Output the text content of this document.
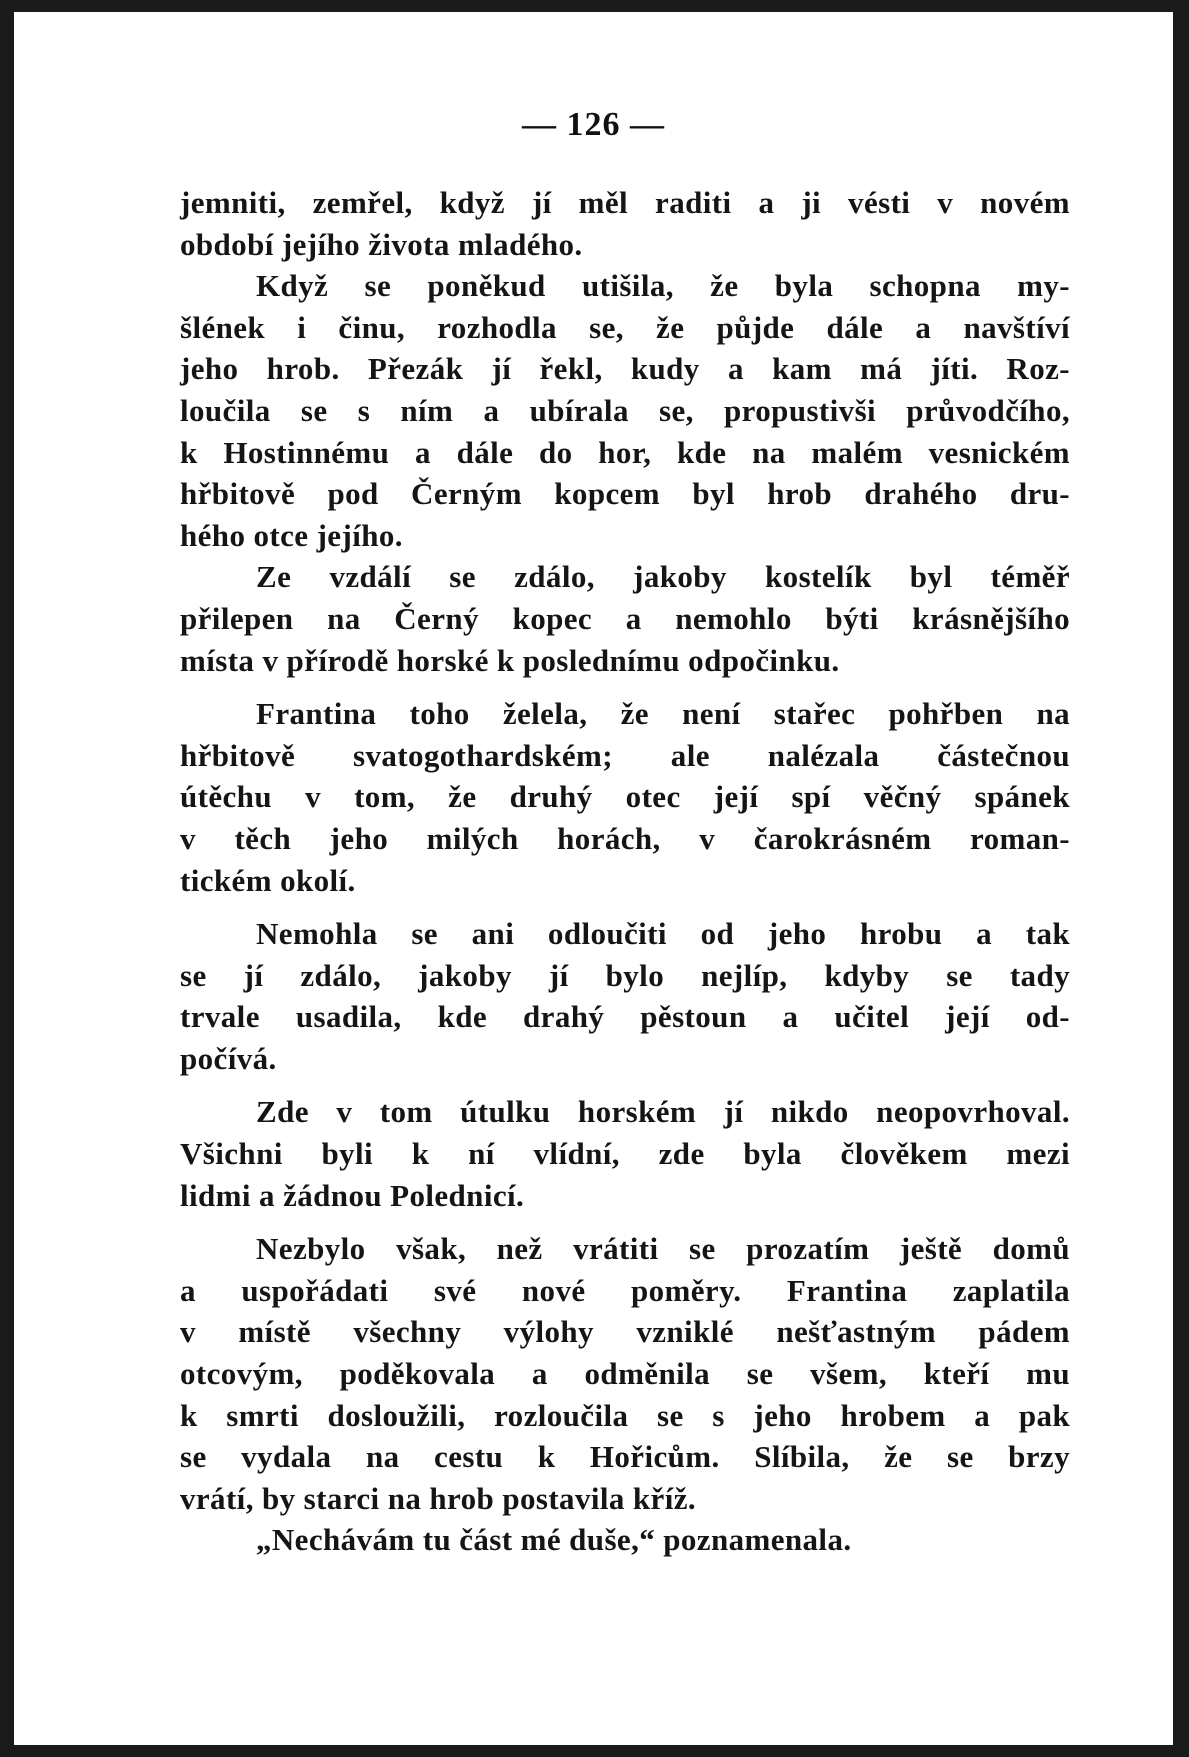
— 126 —
jemniti, zemřel, když jí měl raditi a ji vésti v novém
období jejího života mladého.
Když se poněkud utišila, že byla schopna my-
šlének i činu, rozhodla se, že půjde dále a navštíví
jeho hrob. Přezák jí řekl, kudy a kam má jíti. Roz-
loučila se s ním a ubírala se, propustivši průvodčího,
k Hostinnému a dále do hor, kde na malém vesnickém
hřbitově pod Černým kopcem byl hrob drahého dru-
hého otce jejího.
Ze vzdálí se zdálo, jakoby kostelík byl téměř
přilepen na Černý kopec a nemohlo býti krásnějšího
místa v přírodě horské k poslednímu odpočinku.
Frantina toho želela, že není stařec pohřben na
hřbitově svatogothardském; ale nalézala částečnou
útěchu v tom, že druhý otec její spí věčný spánek
v těch jeho milých horách, v čarokrásném roman-
tickém okolí.
Nemohla se ani odloučiti od jeho hrobu a tak
se jí zdálo, jakoby jí bylo nejlíp, kdyby se tady
trvale usadila, kde drahý pěstoun a učitel její od-
počívá.
Zde v tom útulku horském jí nikdo neopovrhoval.
Všichni byli k ní vlídní, zde byla člověkem mezi
lidmi a žádnou Polednicí.
Nezbylo však, než vrátiti se prozatím ještě domů
a uspořádati své nové poměry. Frantina zaplatila
v místě všechny výlohy vzniklé nešťastným pádem
otcovým, poděkovala a odměnila se všem, kteří mu
k smrti dosloužili, rozloučila se s jeho hrobem a pak
se vydala na cestu k Hořicům. Slíbila, že se brzy
vrátí, by starci na hrob postavila kříž.
„Nechávám tu část mé duše,“ poznamenala.
